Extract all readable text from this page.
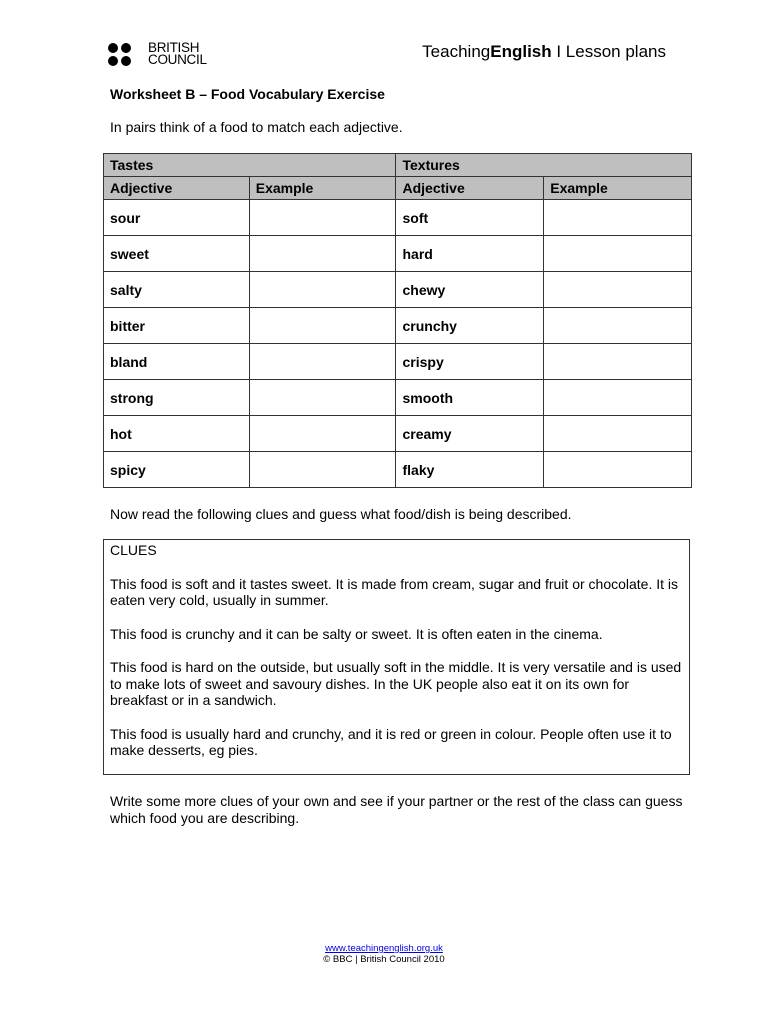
BRITISH
COUNCIL	TeachingEnglish I Lesson plans
Worksheet B – Food Vocabulary Exercise
In pairs think of a food to match each adjective.
Tastes		Textures	
Adjective	Example	Adjective	Example
sour		soft	
sweet		hard	
salty		chewy	
bitter		crunchy	
bland		crispy	
strong		smooth	
hot		creamy	
spicy		flaky	
Now read the following clues and guess what food/dish is being described.

CLUES

This food is soft and it tastes sweet. It is made from cream, sugar and fruit or chocolate. It is eaten very cold, usually in summer.

This food is crunchy and it can be salty or sweet. It is often eaten in the cinema.

This food is hard on the outside, but usually soft in the middle. It is very versatile and is used to make lots of sweet and savoury dishes. In the UK people also eat it on its own for breakfast or in a sandwich.

This food is usually hard and crunchy, and it is red or green in colour. People often use it to make desserts, eg pies.

Write some more clues of your own and see if your partner or the rest of the class can guess which food you are describing.
www.teachingenglish.org.uk
© BBC | British Council 2010
